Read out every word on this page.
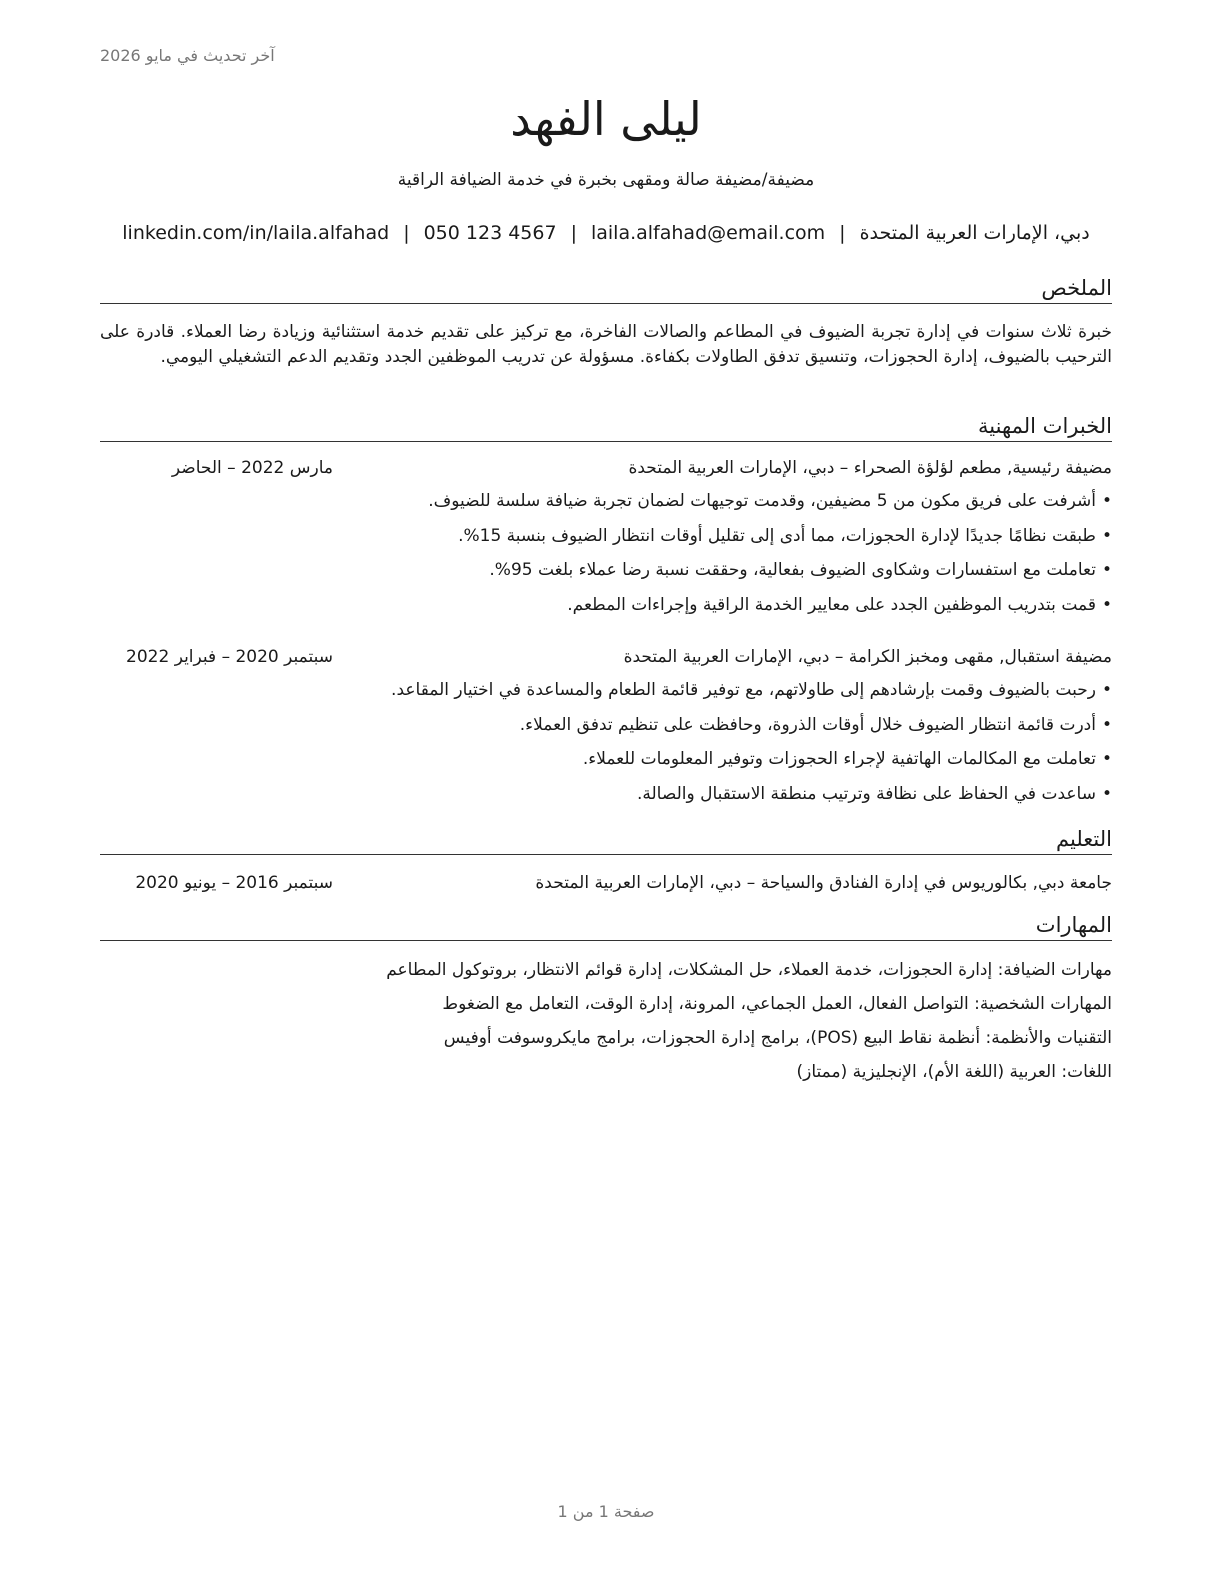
آخر تحديث في مايو 2026
ليلى الفهد
مضيفة/مضيفة صالة ومقهى بخبرة في خدمة الضيافة الراقية
دبي، الإمارات العربية المتحدة
|
laila.alfahad@email.com
|
050 123 4567
|
linkedin.com/in/laila.alfahad
الملخص
خبرة ثلاث سنوات في إدارة تجربة الضيوف في المطاعم والصالات الفاخرة، مع تركيز على تقديم خدمة استثنائية وزيادة رضا العملاء. قادرة على الترحيب بالضيوف، إدارة الحجوزات، وتنسيق تدفق الطاولات بكفاءة. مسؤولة عن تدريب الموظفين الجدد وتقديم الدعم التشغيلي اليومي.
الخبرات المهنية
مضيفة رئيسية, مطعم لؤلؤة الصحراء – دبي، الإمارات العربية المتحدة
مارس 2022 – الحاضر
•أشرفت على فريق مكون من 5 مضيفين، وقدمت توجيهات لضمان تجربة ضيافة سلسة للضيوف.
•طبقت نظامًا جديدًا لإدارة الحجوزات، مما أدى إلى تقليل أوقات انتظار الضيوف بنسبة 15%.
•تعاملت مع استفسارات وشكاوى الضيوف بفعالية، وحققت نسبة رضا عملاء بلغت 95%.
•قمت بتدريب الموظفين الجدد على معايير الخدمة الراقية وإجراءات المطعم.
مضيفة استقبال, مقهى ومخبز الكرامة – دبي، الإمارات العربية المتحدة
سبتمبر 2020 – فبراير 2022
•رحبت بالضيوف وقمت بإرشادهم إلى طاولاتهم، مع توفير قائمة الطعام والمساعدة في اختيار المقاعد.
•أدرت قائمة انتظار الضيوف خلال أوقات الذروة، وحافظت على تنظيم تدفق العملاء.
•تعاملت مع المكالمات الهاتفية لإجراء الحجوزات وتوفير المعلومات للعملاء.
•ساعدت في الحفاظ على نظافة وترتيب منطقة الاستقبال والصالة.
التعليم
جامعة دبي, بكالوريوس في إدارة الفنادق والسياحة – دبي، الإمارات العربية المتحدة
سبتمبر 2016 – يونيو 2020
المهارات
مهارات الضيافة: إدارة الحجوزات، خدمة العملاء، حل المشكلات، إدارة قوائم الانتظار، بروتوكول المطاعم
المهارات الشخصية: التواصل الفعال، العمل الجماعي، المرونة، إدارة الوقت، التعامل مع الضغوط
التقنيات والأنظمة: أنظمة نقاط البيع (POS)، برامج إدارة الحجوزات، برامج مايكروسوفت أوفيس
اللغات: العربية (اللغة الأم)، الإنجليزية (ممتاز)
صفحة 1 من 1
